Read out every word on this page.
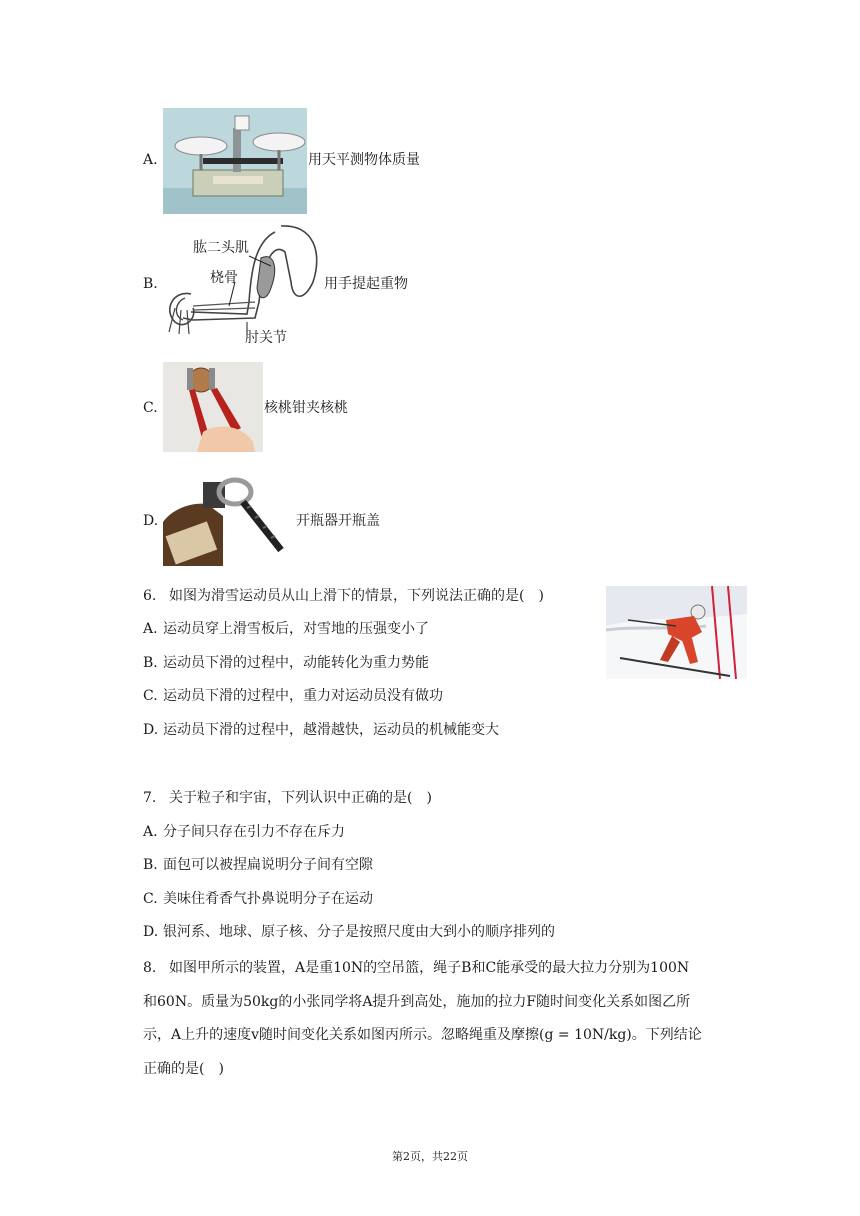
A.	用天平测物体质量
B.
肱二头肌
桡骨
肘关节
用手提起重物
C.	核桃钳夹核桃
D.	开瓶器开瓶盖
6. 如图为滑雪运动员从山上滑下的情景，下列说法正确的是(　)
A. 运动员穿上滑雪板后，对雪地的压强变小了
B. 运动员下滑的过程中，动能转化为重力势能
C. 运动员下滑的过程中，重力对运动员没有做功
D. 运动员下滑的过程中，越滑越快，运动员的机械能变大
7. 关于粒子和宇宙，下列认识中正确的是(　)
A. 分子间只存在引力不存在斥力
B. 面包可以被捏扁说明分子间有空隙
C. 美味住肴香气扑鼻说明分子在运动
D. 银河系、地球、原子核、分子是按照尺度由大到小的顺序排列的
8. 如图甲所示的装置，A是重10N的空吊篮，绳子B和C能承受的最大拉力分别为100N
和60N。质量为50kg的小张同学将A提升到高处，施加的拉力F随时间变化关系如图乙所
示，A上升的速度v随时间变化关系如图丙所示。忽略绳重及摩擦(g = 10N/kg)。下列结论
正确的是(　)
第2页，共22页
